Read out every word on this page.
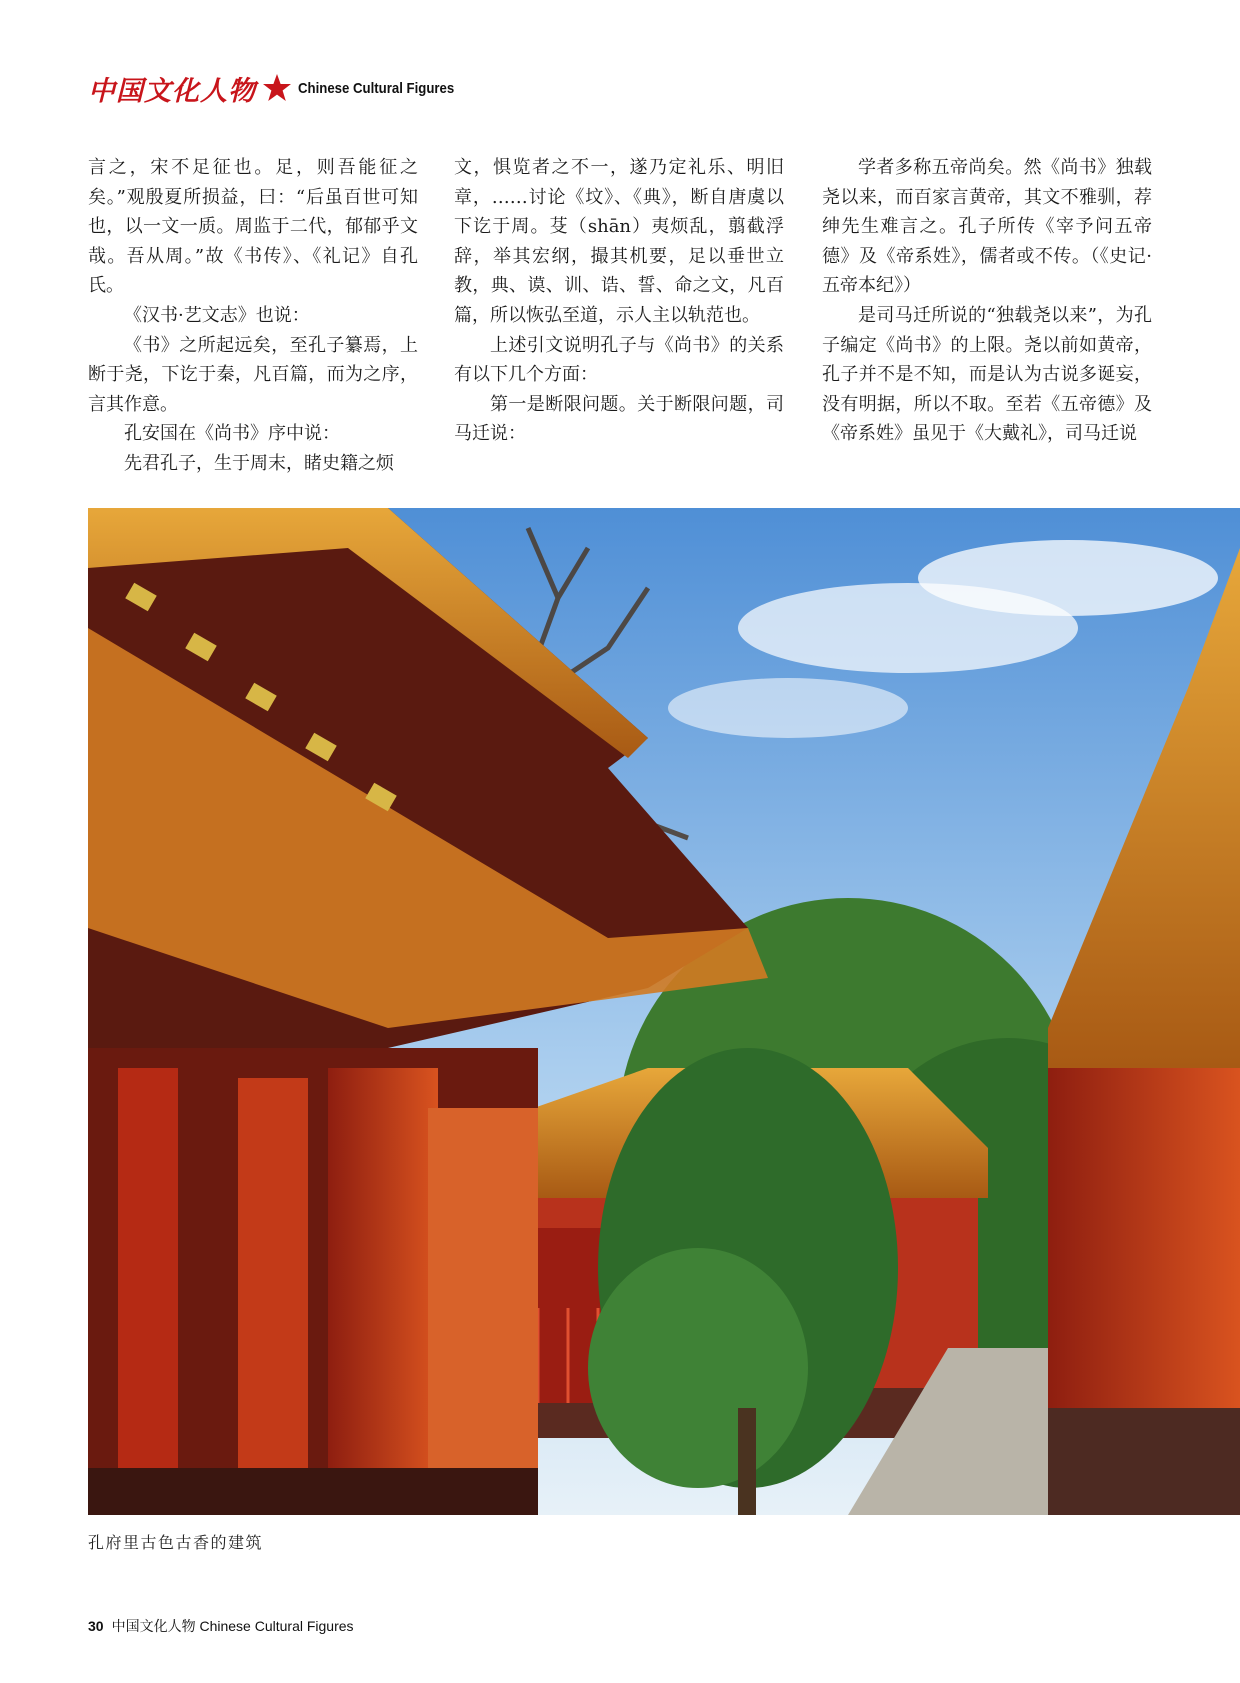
中国文化人物	Chinese Cultural Figures

言之，宋不足征也。足，则吾能征之矣。”观殷夏所损益，曰：“后虽百世可知也，以一文一质。周监于二代，郁郁乎文哉。吾从周。”故《书传》、《礼记》自孔氏。

《汉书·艺文志》也说：

《书》之所起远矣，至孔子纂焉，上断于尧，下讫于秦，凡百篇，而为之序，言其作意。

孔安国在《尚书》序中说：

先君孔子，生于周末，睹史籍之烦

文，惧览者之不一，遂乃定礼乐、明旧章，……讨论《坟》、《典》，断自唐虞以下讫于周。芟（shān）夷烦乱，翦截浮辞，举其宏纲，撮其机要，足以垂世立教，典、谟、训、诰、誓、命之文，凡百篇，所以恢弘至道，示人主以轨范也。

上述引文说明孔子与《尚书》的关系有以下几个方面：

第一是断限问题。关于断限问题，司马迁说：

学者多称五帝尚矣。然《尚书》独载尧以来，而百家言黄帝，其文不雅驯，荐绅先生难言之。孔子所传《宰予问五帝德》及《帝系姓》，儒者或不传。（《史记·五帝本纪》）

是司马迁所说的“独载尧以来”，为孔子编定《尚书》的上限。尧以前如黄帝，孔子并不是不知，而是认为古说多诞妄，没有明据，所以不取。至若《五帝德》及《帝系姓》虽见于《大戴礼》，司马迁说

孔府里古色古香的建筑
30 中国文化人物 Chinese Cultural Figures
